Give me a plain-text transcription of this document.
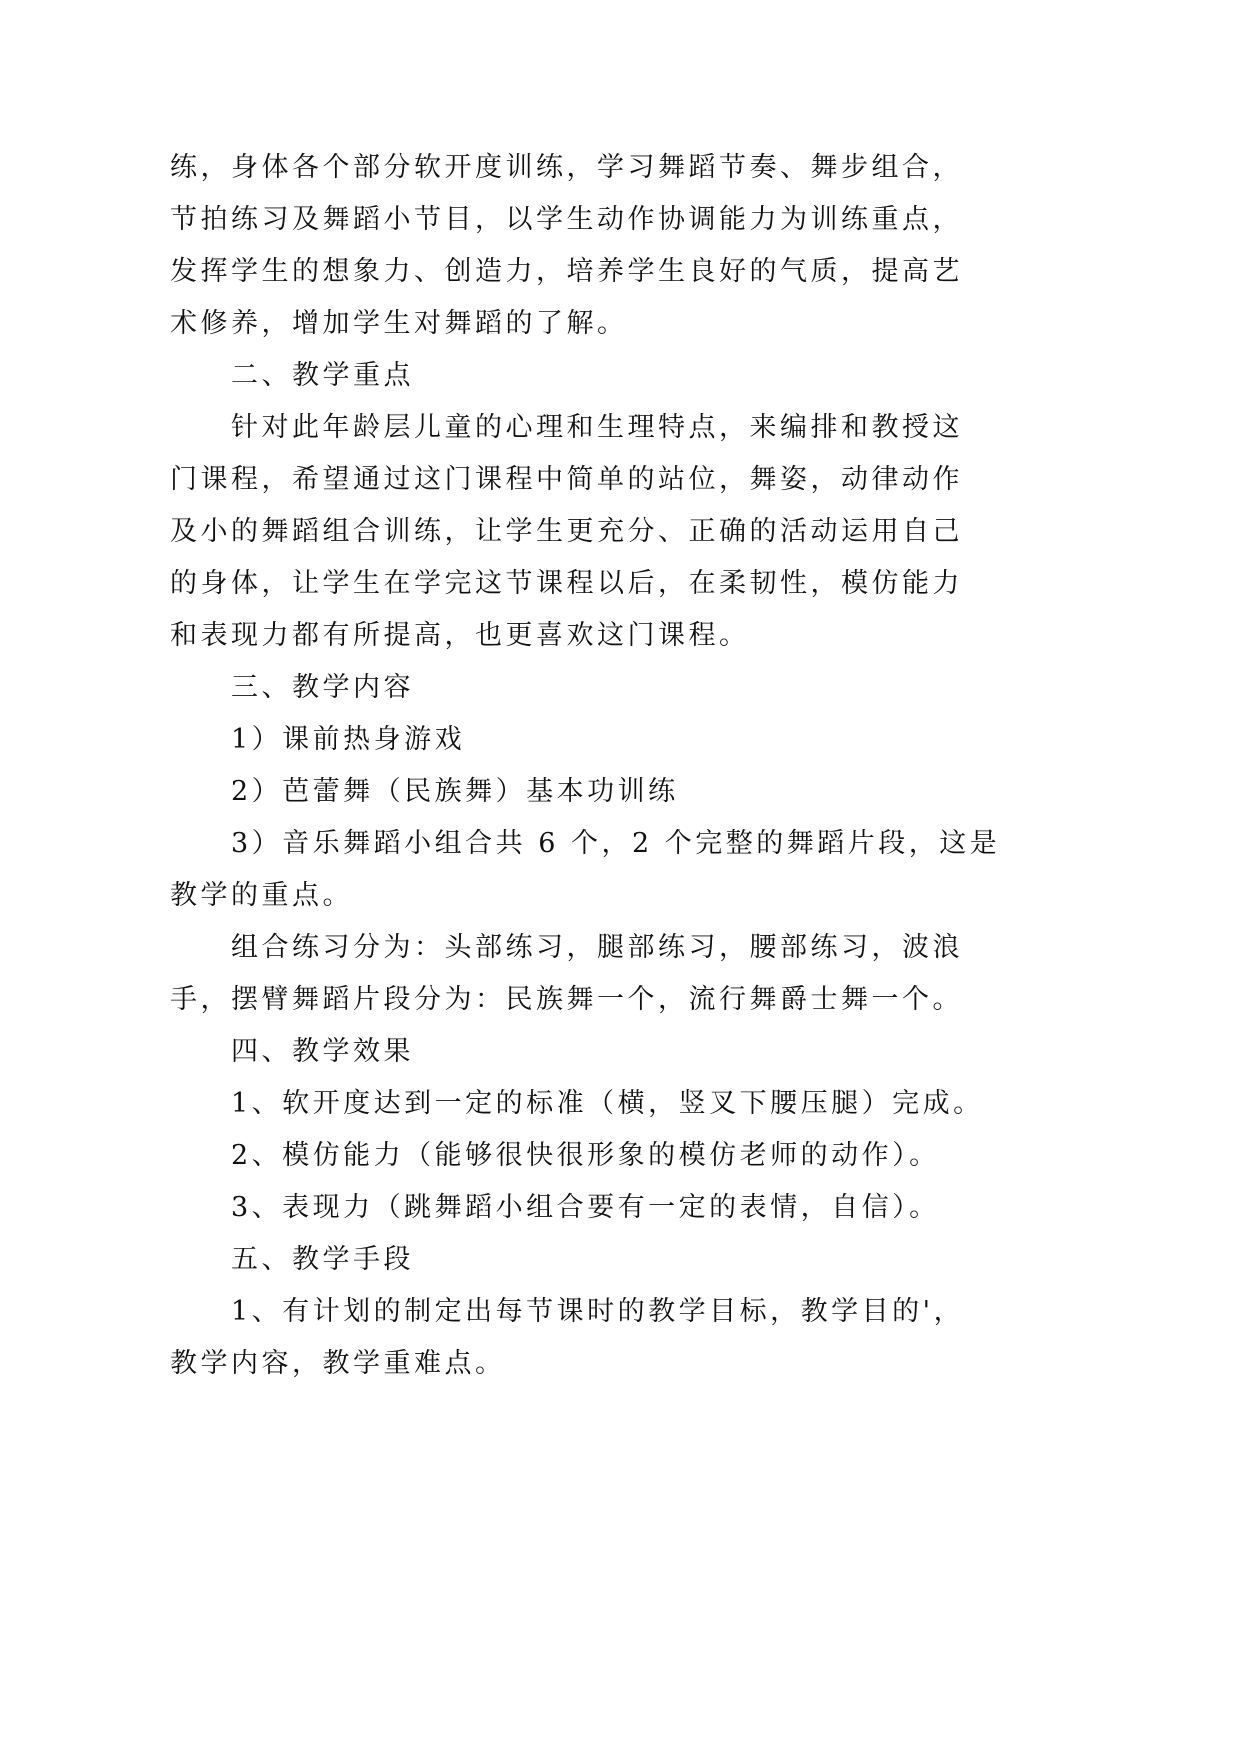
练，身体各个部分软开度训练，学习舞蹈节奏、舞步组合，
节拍练习及舞蹈小节目，以学生动作协调能力为训练重点，
发挥学生的想象力、创造力，培养学生良好的气质，提高艺
术修养，增加学生对舞蹈的了解。
二、教学重点
针对此年龄层儿童的心理和生理特点，来编排和教授这
门课程，希望通过这门课程中简单的站位，舞姿，动律动作
及小的舞蹈组合训练，让学生更充分、正确的活动运用自己
的身体，让学生在学完这节课程以后，在柔韧性，模仿能力
和表现力都有所提高，也更喜欢这门课程。
三、教学内容
1）课前热身游戏
2）芭蕾舞（民族舞）基本功训练
3）音乐舞蹈小组合共 6 个，2 个完整的舞蹈片段，这是
教学的重点。
组合练习分为：头部练习，腿部练习，腰部练习，波浪
手，摆臂舞蹈片段分为：民族舞一个，流行舞爵士舞一个。
四、教学效果
1、软开度达到一定的标准（横，竖叉下腰压腿）完成。
2、模仿能力（能够很快很形象的模仿老师的动作）。
3、表现力（跳舞蹈小组合要有一定的表情，自信）。
五、教学手段
1、有计划的制定出每节课时的教学目标，教学目的'，
教学内容，教学重难点。
